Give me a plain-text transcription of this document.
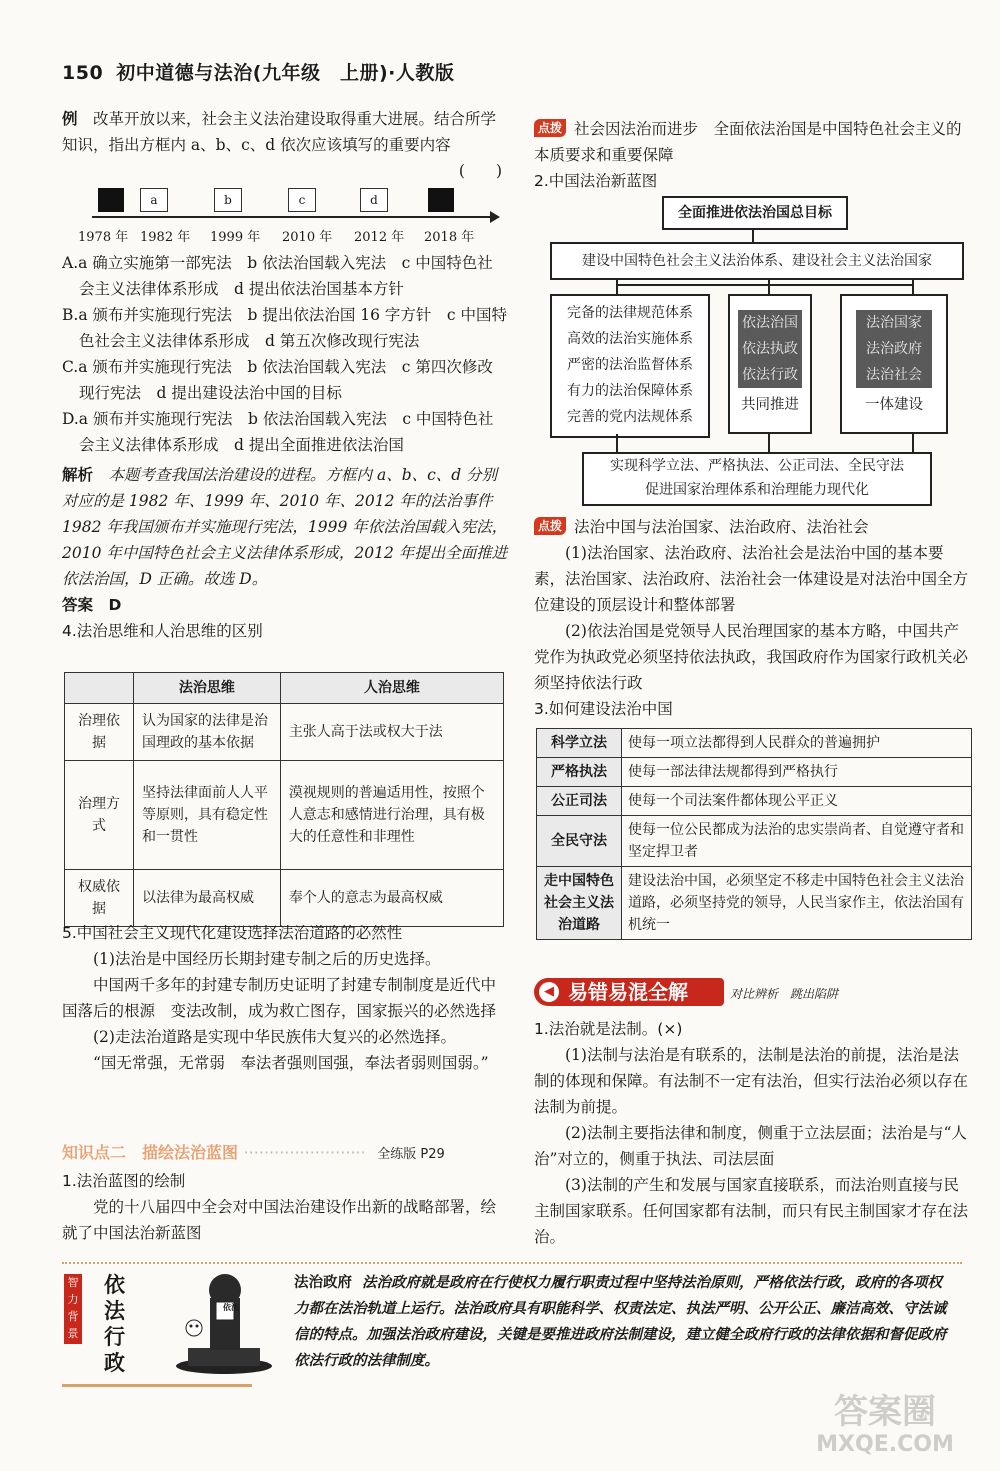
150 初中道德与法治(九年级　上册)·人教版

例　 改革开放以来，社会主义法治建设取得重大进展。结合所学知识，指出方框内 a、b、c、d 依次应该填写的重要内容

(　　)

a	b	c	d
1978 年 1982 年 1999 年 2010 年 2012 年 2018 年

A.a 确立实施第一部宪法　b 依法治国载入宪法　c 中国特色社会主义法律体系形成　d 提出依法治国基本方针

B.a 颁布并实施现行宪法　b 提出依法治国 16 字方针　c 中国特色社会主义法律体系形成　d 第五次修改现行宪法

C.a 颁布并实施现行宪法　b 依法治国载入宪法　c 第四次修改现行宪法　d 提出建设法治中国的目标

D.a 颁布并实施现行宪法　b 依法治国载入宪法　c 中国特色社会主义法律体系形成　d 提出全面推进依法治国

解析　 本题考查我国法治建设的进程。方框内 a、b、c、d 分别对应的是 1982 年、1999 年、2010 年、2012 年的法治事件　1982 年我国颁布并实施现行宪法，1999 年依法治国载入宪法，2010 年中国特色社会主义法律体系形成，2012 年提出全面推进依法治国，D 正确。故选 D。

答案　 D

4.法治思维和人治思维的区别

	法治思维	人治思维
治理依据	认为国家的法律是治国理政的基本依据	主张人高于法或权大于法
治理方式	坚持法律面前人人平等原则，具有稳定性和一贯性	漠视规则的普遍适用性，按照个人意志和感情进行治理，具有极大的任意性和非理性
权威依据	以法律为最高权威	奉个人的意志为最高权威

5.中国社会主义现代化建设选择法治道路的必然性

(1)法治是中国经历长期封建专制之后的历史选择。

中国两千多年的封建专制历史证明了封建专制制度是近代中国落后的根源　变法改制，成为救亡图存，国家振兴的必然选择

(2)走法治道路是实现中华民族伟大复兴的必然选择。

“国无常强，无常弱　奉法者强则国强，奉法者弱则国弱。”

知识点二　描绘法治蓝图 ························ 全练版 P29

1.法治蓝图的绘制

党的十八届四中全会对中国法治建设作出新的战略部署，绘就了中国法治新蓝图

点拨 社会因法治而进步　全面依法治国是中国特色社会主义的本质要求和重要保障

2.中国法治新蓝图

全面推进依法治国总目标
建设中国特色社会主义法治体系、建设社会主义法治国家
完备的法律规范体系
高效的法治实施体系
严密的法治监督体系
有力的法治保障体系
完善的党内法规体系
依法治国
依法执政
依法行政
共同推进
法治国家
法治政府
法治社会
一体建设
实现科学立法、严格执法、公正司法、全民守法
促进国家治理体系和治理能力现代化

点拨 法治中国与法治国家、法治政府、法治社会

(1)法治国家、法治政府、法治社会是法治中国的基本要素，法治国家、法治政府、法治社会一体建设是对法治中国全方位建设的顶层设计和整体部署

(2)依法治国是党领导人民治理国家的基本方略，中国共产党作为执政党必须坚持依法执政，我国政府作为国家行政机关必须坚持依法行政

3.如何建设法治中国

科学立法	使每一项立法都得到人民群众的普遍拥护
严格执法	使每一部法律法规都得到严格执行
公正司法	使每一个司法案件都体现公平正义
全民守法	使每一位公民都成为法治的忠实崇尚者、自觉遵守者和坚定捍卫者
走中国特色社会主义法治道路	建设法治中国，必须坚定不移走中国特色社会主义法治道路，必须坚持党的领导，人民当家作主，依法治国有机统一
◀ 易错易混全解	对比辨析　跳出陷阱

1.法治就是法制。(×)

(1)法制与法治是有联系的，法制是法治的前提，法治是法制的体现和保障。有法制不一定有法治，但实行法治必须以存在法制为前提。

(2)法制主要指法律和制度，侧重于立法层面；法治是与“人治”对立的，侧重于执法、司法层面

(3)法制的产生和发展与国家直接联系，而法治则直接与民主制国家联系。任何国家都有法制，而只有民主制国家才存在法治。

智力背景
依法行政
依法
法治政府 法治政府就是政府在行使权力履行职责过程中坚持法治原则，严格依法行政，政府的各项权力都在法治轨道上运行。法治政府具有职能科学、权责法定、执法严明、公开公正、廉洁高效、守法诚信的特点。加强法治政府建设，关键是要推进政府法制建设，建立健全政府行政的法律依据和督促政府依法行政的法律制度。
答案圈
MXQE.COM
